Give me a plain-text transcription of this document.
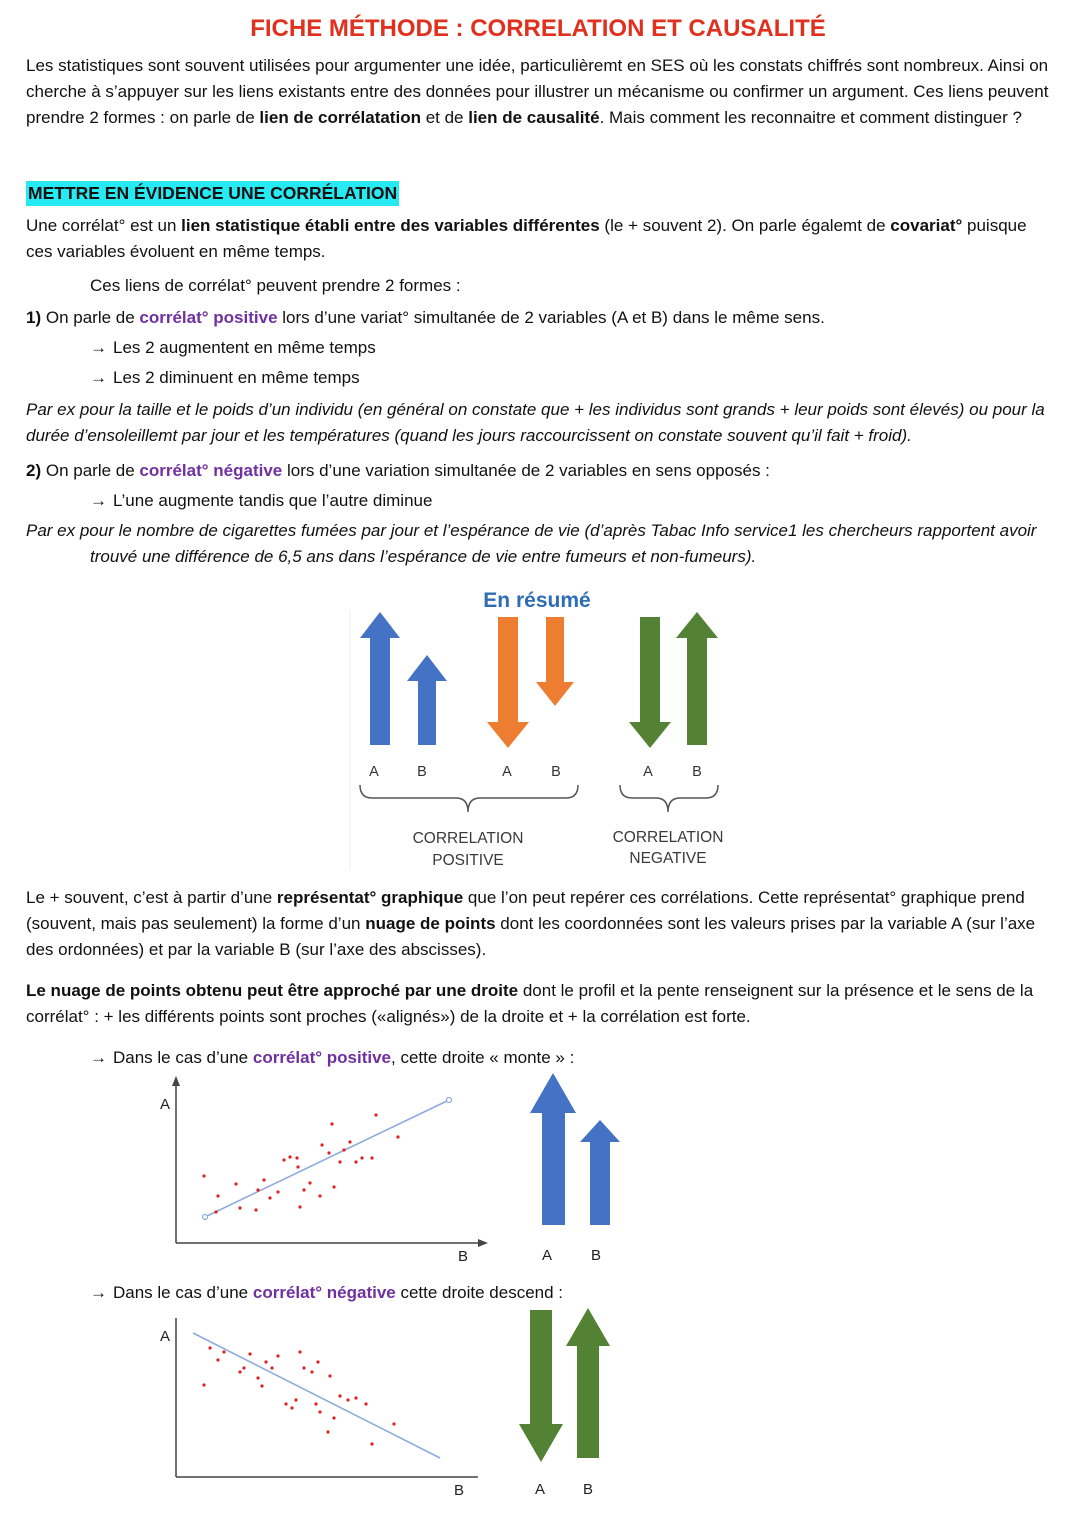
FICHE MÉTHODE : CORRELATION ET CAUSALITÉ

Les statistiques sont souvent utilisées pour argumenter une idée, particulièremt en SES où les constats chiffrés sont nombreux. Ainsi on cherche à s’appuyer sur les liens existants entre des données pour illustrer un mécanisme ou confirmer un argument. Ces liens peuvent prendre 2 formes : on parle de lien de corrélatation et de lien de causalité. Mais comment les reconnaitre et comment distinguer ?

METTRE EN ÉVIDENCE UNE CORRÉLATION

Une corrélat° est un lien statistique établi entre des variables différentes (le + souvent 2). On parle égalemt de covariat° puisque ces variables évoluent en même temps.

Ces liens de corrélat° peuvent prendre 2 formes :

1) On parle de corrélat° positive lors d’une variat° simultanée de 2 variables (A et B) dans le même sens.

→ Les 2 augmentent en même temps
→ Les 2 diminuent en même temps

Par ex pour la taille et le poids d’un individu (en général on constate que + les individus sont grands + leur poids sont élevés) ou pour la durée d’ensoleillemt par jour et les températures (quand les jours raccourcissent on constate souvent qu’il fait + froid).

2) On parle de corrélat° négative lors d’une variation simultanée de 2 variables en sens opposés :

→ L’une augmente tandis que l’autre diminue

Par ex pour le nombre de cigarettes fumées par jour et l’espérance de vie (d’après Tabac Info service1 les chercheurs rapportent avoir trouvé une différence de 6,5 ans dans l’espérance de vie entre fumeurs et non-fumeurs).

En résumé
A	B	A	B	A	B
CORRELATION
POSITIVE
CORRELATION
NEGATIVE

Le + souvent, c’est à partir d’une représentat° graphique que l’on peut repérer ces corrélations. Cette représentat° graphique prend (souvent, mais pas seulement) la forme d’un nuage de points dont les coordonnées sont les valeurs prises par la variable A (sur l’axe des ordonnées) et par la variable B (sur l’axe des abscisses).

Le nuage de points obtenu peut être approché par une droite dont le profil et la pente renseignent sur la présence et le sens de la corrélat° : + les différents points sont proches («alignés») de la droite et + la corrélation est forte.

→ Dans le cas d’une corrélat° positive, cette droite « monte » :
A
B	A	B
→ Dans le cas d’une corrélat° négative cette droite descend :
A
B	A	B
